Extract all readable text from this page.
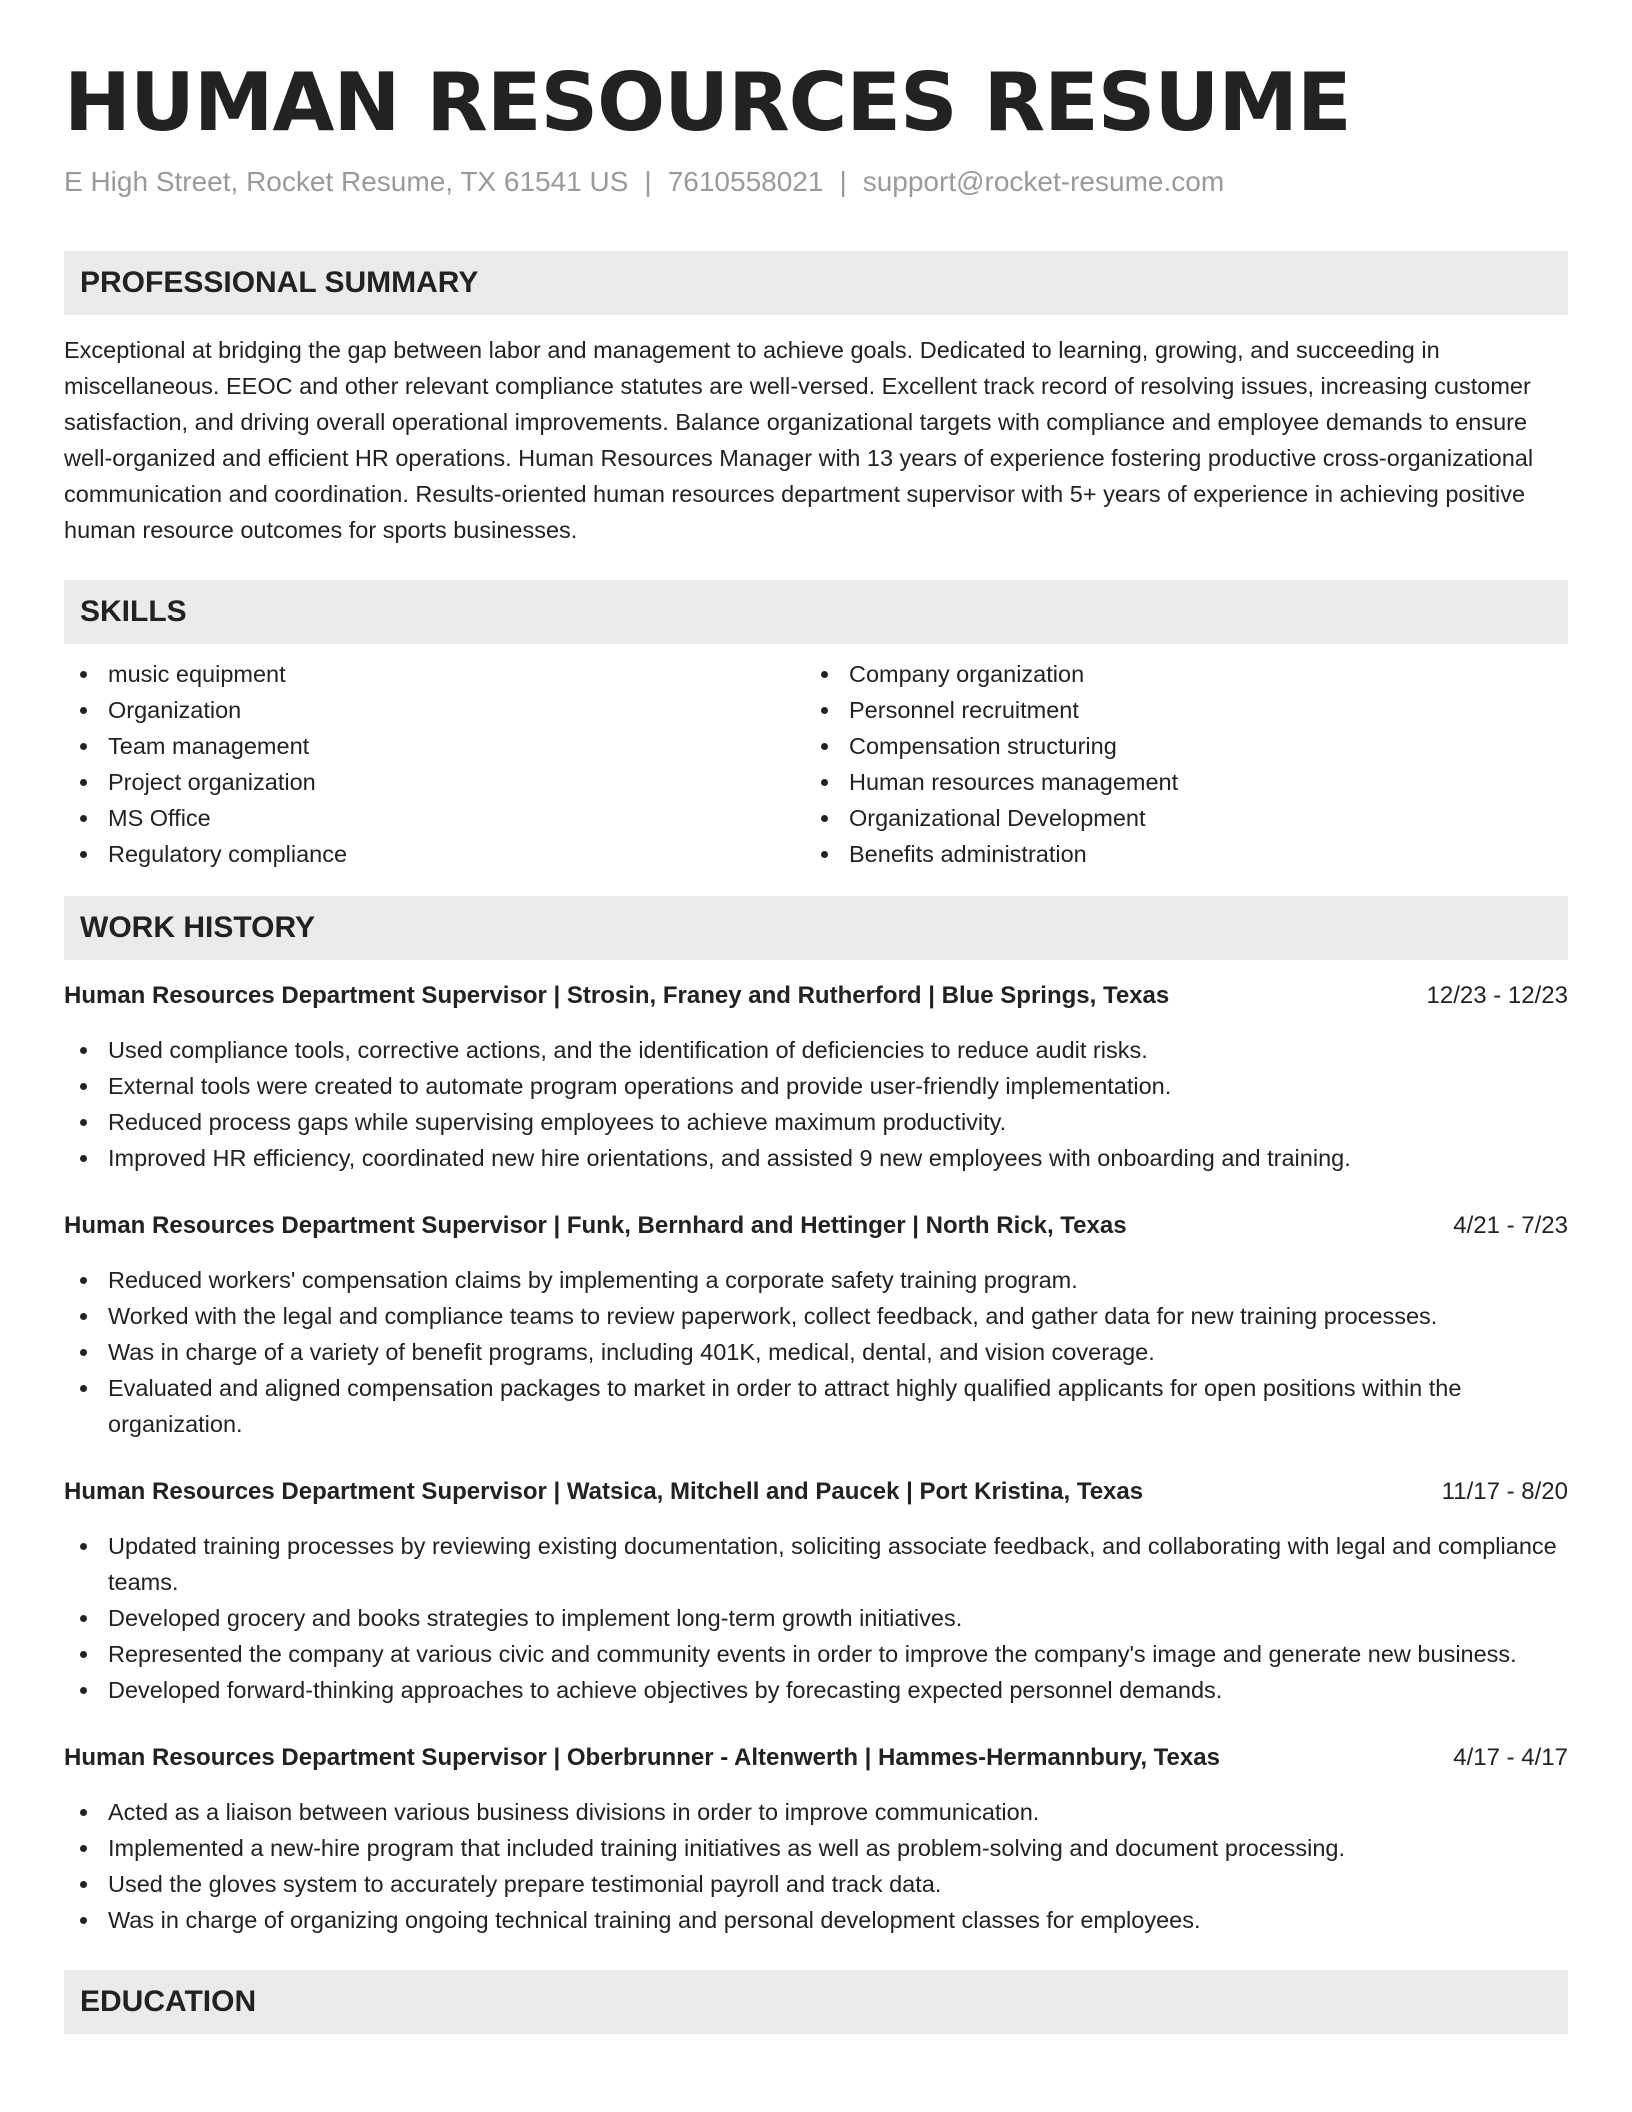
HUMAN RESOURCES RESUME
E High Street, Rocket Resume, TX 61541 US | 7610558021 | support@rocket-resume.com
PROFESSIONAL SUMMARY

Exceptional at bridging the gap between labor and management to achieve goals. Dedicated to learning, growing, and succeeding in miscellaneous. EEOC and other relevant compliance statutes are well-versed. Excellent track record of resolving issues, increasing customer satisfaction, and driving overall operational improvements. Balance organizational targets with compliance and employee demands to ensure well-organized and efficient HR operations. Human Resources Manager with 13 years of experience fostering productive cross-organizational communication and coordination. Results-oriented human resources department supervisor with 5+ years of experience in achieving positive human resource outcomes for sports businesses.

SKILLS
music equipment
Organization
Team management
Project organization
MS Office
Regulatory compliance
Company organization
Personnel recruitment
Compensation structuring
Human resources management
Organizational Development
Benefits administration
WORK HISTORY
Human Resources Department Supervisor | Strosin, Franey and Rutherford | Blue Springs, Texas	12/23 - 12/23
Used compliance tools, corrective actions, and the identification of deficiencies to reduce audit risks.
External tools were created to automate program operations and provide user-friendly implementation.
Reduced process gaps while supervising employees to achieve maximum productivity.
Improved HR efficiency, coordinated new hire orientations, and assisted 9 new employees with onboarding and training.
Human Resources Department Supervisor | Funk, Bernhard and Hettinger | North Rick, Texas	4/21 - 7/23
Reduced workers' compensation claims by implementing a corporate safety training program.
Worked with the legal and compliance teams to review paperwork, collect feedback, and gather data for new training processes.
Was in charge of a variety of benefit programs, including 401K, medical, dental, and vision coverage.
Evaluated and aligned compensation packages to market in order to attract highly qualified applicants for open positions within the organization.
Human Resources Department Supervisor | Watsica, Mitchell and Paucek | Port Kristina, Texas	11/17 - 8/20
Updated training processes by reviewing existing documentation, soliciting associate feedback, and collaborating with legal and compliance teams.
Developed grocery and books strategies to implement long-term growth initiatives.
Represented the company at various civic and community events in order to improve the company's image and generate new business.
Developed forward-thinking approaches to achieve objectives by forecasting expected personnel demands.
Human Resources Department Supervisor | Oberbrunner - Altenwerth | Hammes-Hermannbury, Texas	4/17 - 4/17
Acted as a liaison between various business divisions in order to improve communication.
Implemented a new-hire program that included training initiatives as well as problem-solving and document processing.
Used the gloves system to accurately prepare testimonial payroll and track data.
Was in charge of organizing ongoing technical training and personal development classes for employees.
EDUCATION
